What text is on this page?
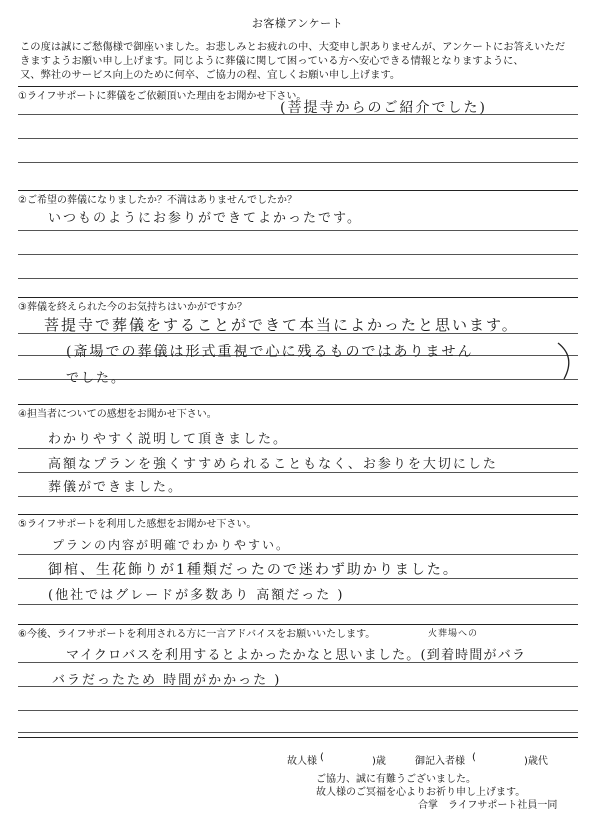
お客様アンケート
この度は誠にご愁傷様で御座いました。お悲しみとお疲れの中、大変申し訳ありませんが、アンケートにお答えいただ
きますようお願い申し上げます。同じように葬儀に関して困っている方へ安心できる情報となりますように、
又、弊社のサービス向上のために何卒、ご協力の程、宜しくお願い申し上げます。
①ライフサポートに葬儀をご依頼頂いた理由をお聞かせ下さい。
(菩提寺からのご紹介でした)
②ご希望の葬儀になりましたか？不満はありませんでしたか？
いつものようにお参りができてよかったです。
③葬儀を終えられた今のお気持ちはいかがですか？
菩提寺で葬儀をすることができて本当によかったと思います。
(斎場での葬儀は形式重視で心に残るものではありません
でした。
④担当者についての感想をお聞かせ下さい。
わかりやすく説明して頂きました。
高額なプランを強くすすめられることもなく、お参りを大切にした
葬儀ができました。
⑤ライフサポートを利用した感想をお聞かせ下さい。
プランの内容が明確でわかりやすい。
御棺、生花飾りが1種類だったので迷わず助かりました。
(他社ではグレードが多数あり 高額だった )
⑥今後、ライフサポートを利用される方に一言アドバイスをお願いいたします。	火葬場への
マイクロバスを利用するとよかったかなと思いました。(到着時間がバラ
バラだったため 時間がかかった )
故人様 (	)歳	御記入者様 (	)歳代
ご協力、誠に有難うございました。
故人様のご冥福を心よりお祈り申し上げます。
合掌　ライフサポート社員一同
